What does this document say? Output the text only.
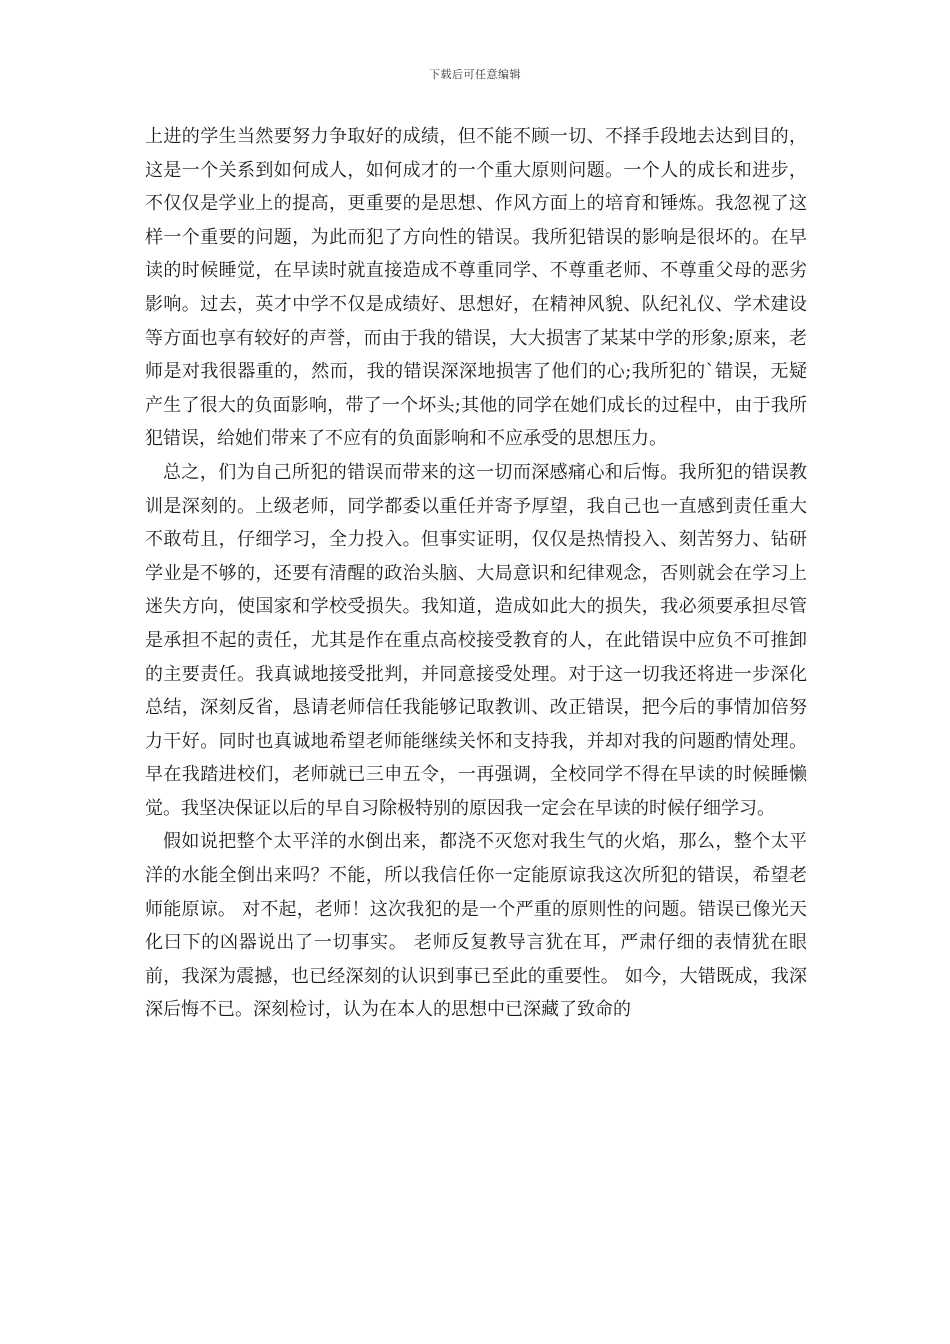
下载后可任意编辑

上进的学生当然要努力争取好的成绩，但不能不顾一切、不择手段地去达到目的，这是一个关系到如何成人，如何成才的一个重大原则问题。一个人的成长和进步，不仅仅是学业上的提高，更重要的是思想、作风方面上的培育和锤炼。我忽视了这样一个重要的问题，为此而犯了方向性的错误。我所犯错误的影响是很坏的。在早读的时候睡觉，在早读时就直接造成不尊重同学、不尊重老师、不尊重父母的恶劣影响。过去，英才中学不仅是成绩好、思想好，在精神风貌、队纪礼仪、学术建设等方面也享有较好的声誉，而由于我的错误，大大损害了某某中学的形象;原来，老师是对我很器重的，然而，我的错误深深地损害了他们的心;我所犯的`错误，无疑产生了很大的负面影响，带了一个坏头;其他的同学在她们成长的过程中，由于我所犯错误，给她们带来了不应有的负面影响和不应承受的思想压力。

总之，们为自己所犯的错误而带来的这一切而深感痛心和后悔。我所犯的错误教训是深刻的。上级老师，同学都委以重任并寄予厚望，我自己也一直感到责任重大不敢苟且，仔细学习，全力投入。但事实证明，仅仅是热情投入、刻苦努力、钻研学业是不够的，还要有清醒的政治头脑、大局意识和纪律观念，否则就会在学习上迷失方向，使国家和学校受损失。我知道，造成如此大的损失，我必须要承担尽管是承担不起的责任，尤其是作在重点高校接受教育的人，在此错误中应负不可推卸的主要责任。我真诚地接受批判，并同意接受处理。对于这一切我还将进一步深化总结，深刻反省，恳请老师信任我能够记取教训、改正错误，把今后的事情加倍努力干好。同时也真诚地希望老师能继续关怀和支持我，并却对我的问题酌情处理。 早在我踏进校们，老师就已三申五令，一再强调，全校同学不得在早读的时候睡懒觉。我坚决保证以后的早自习除极特别的原因我一定会在早读的时候仔细学习。

假如说把整个太平洋的水倒出来，都浇不灭您对我生气的火焰，那么，整个太平洋的水能全倒出来吗？不能，所以我信任你一定能原谅我这次所犯的错误，希望老师能原谅。 对不起，老师！这次我犯的是一个严重的原则性的问题。错误已像光天化曰下的凶器说出了一切事实。 老师反复教导言犹在耳，严肃仔细的表情犹在眼前，我深为震撼，也已经深刻的认识到事已至此的重要性。 如今，大错既成，我深深后悔不已。深刻检讨，认为在本人的思想中已深藏了致命的
